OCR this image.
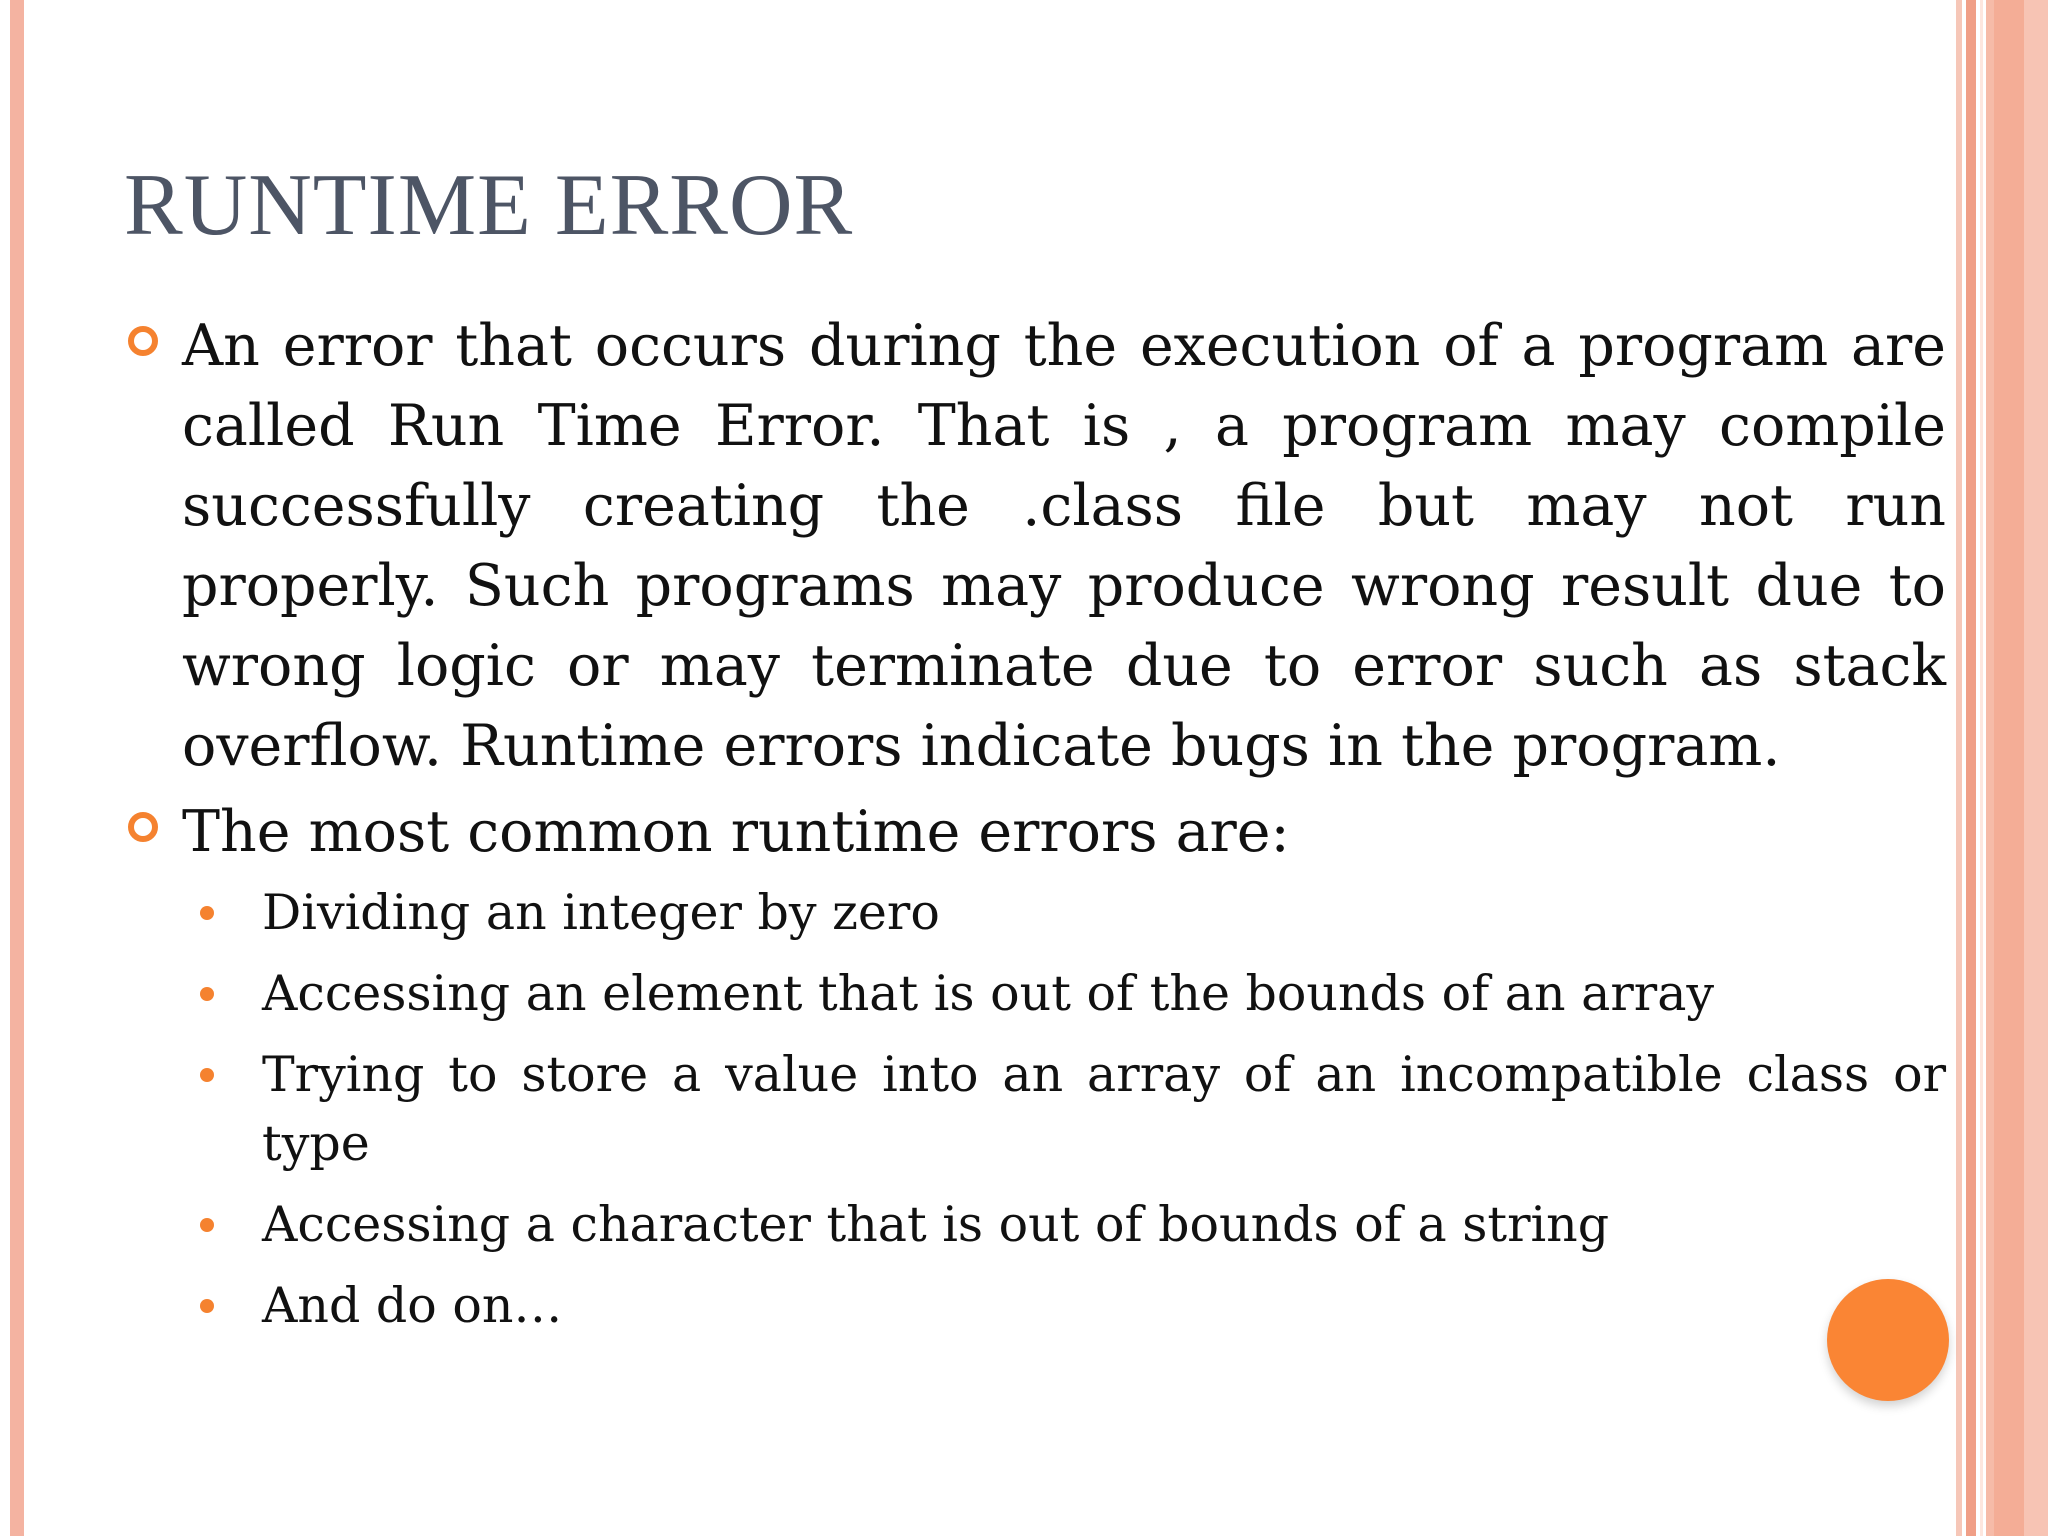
RUNTIME ERROR
An error that occurs during the execution of a program are called Run Time Error. That is , a program may compile successfully creating the .class file but may not run properly. Such programs may produce wrong result due to wrong logic or may terminate due to error such as stack overflow. Runtime errors indicate bugs in the program.
The most common runtime errors are:
Dividing an integer by zero
Accessing an element that is out of the bounds of an array
Trying to store a value into an array of an incompatible class or type
Accessing a character that is out of bounds of a string
And do on…
